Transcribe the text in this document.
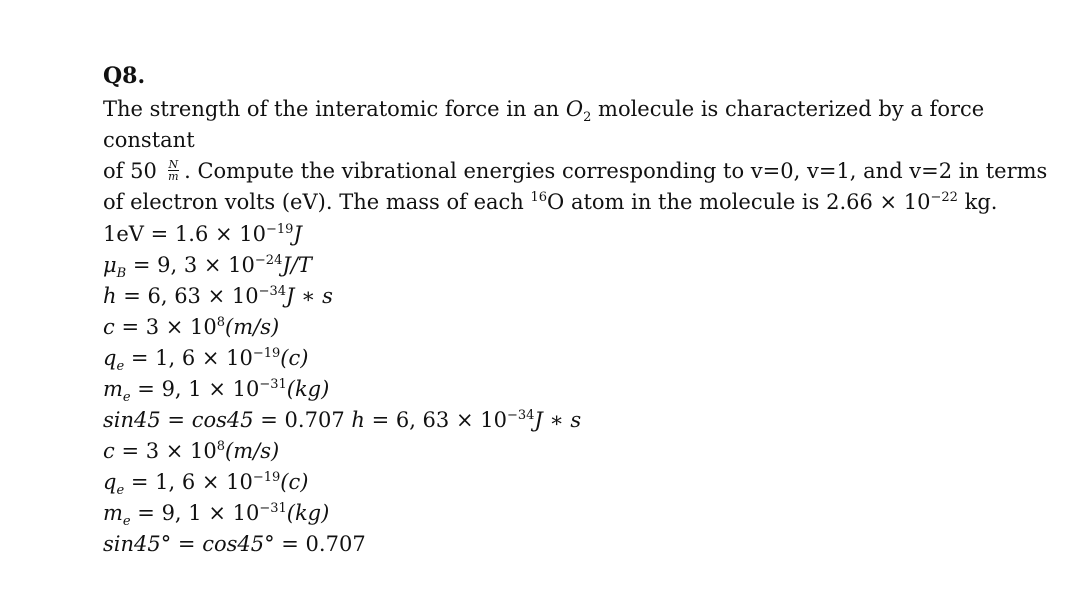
Q8.

The strength of the interatomic force in an $O_2$ molecule is characterized by a force constant
of $50 \frac{N}{m}$ . Compute the vibrational energies corresponding to v=0, v=1, and v=2 in terms
of electron volts (eV). The mass of each $^{16}$O atom in the molecule is $2.66 \times 10^{-22}$ kg.

$1eV = 1.6 \times 10^{-19}J$
$\mu_B = 9$, $3 \times 10^{-24}J/T$
h = 6, $63 \times 10^{-34}J$ ∗ s
$c = 3 \times 10^8(m/s)$
$q_e = 1$, $6 \times 10^{-19}(c)$
$m_e = 9$, $1 \times 10^{-31}(kg)$
sin45 = cos45 = 0.707 h = 6, $63 \times 10^{-34}J$ ∗ s
$c = 3 \times 10^8(m/s)$
$q_e = 1$, $6 \times 10^{-19}(c)$
$m_e = 9$, $1 \times 10^{-31}(kg)$
sin45° = cos45° = 0.707
